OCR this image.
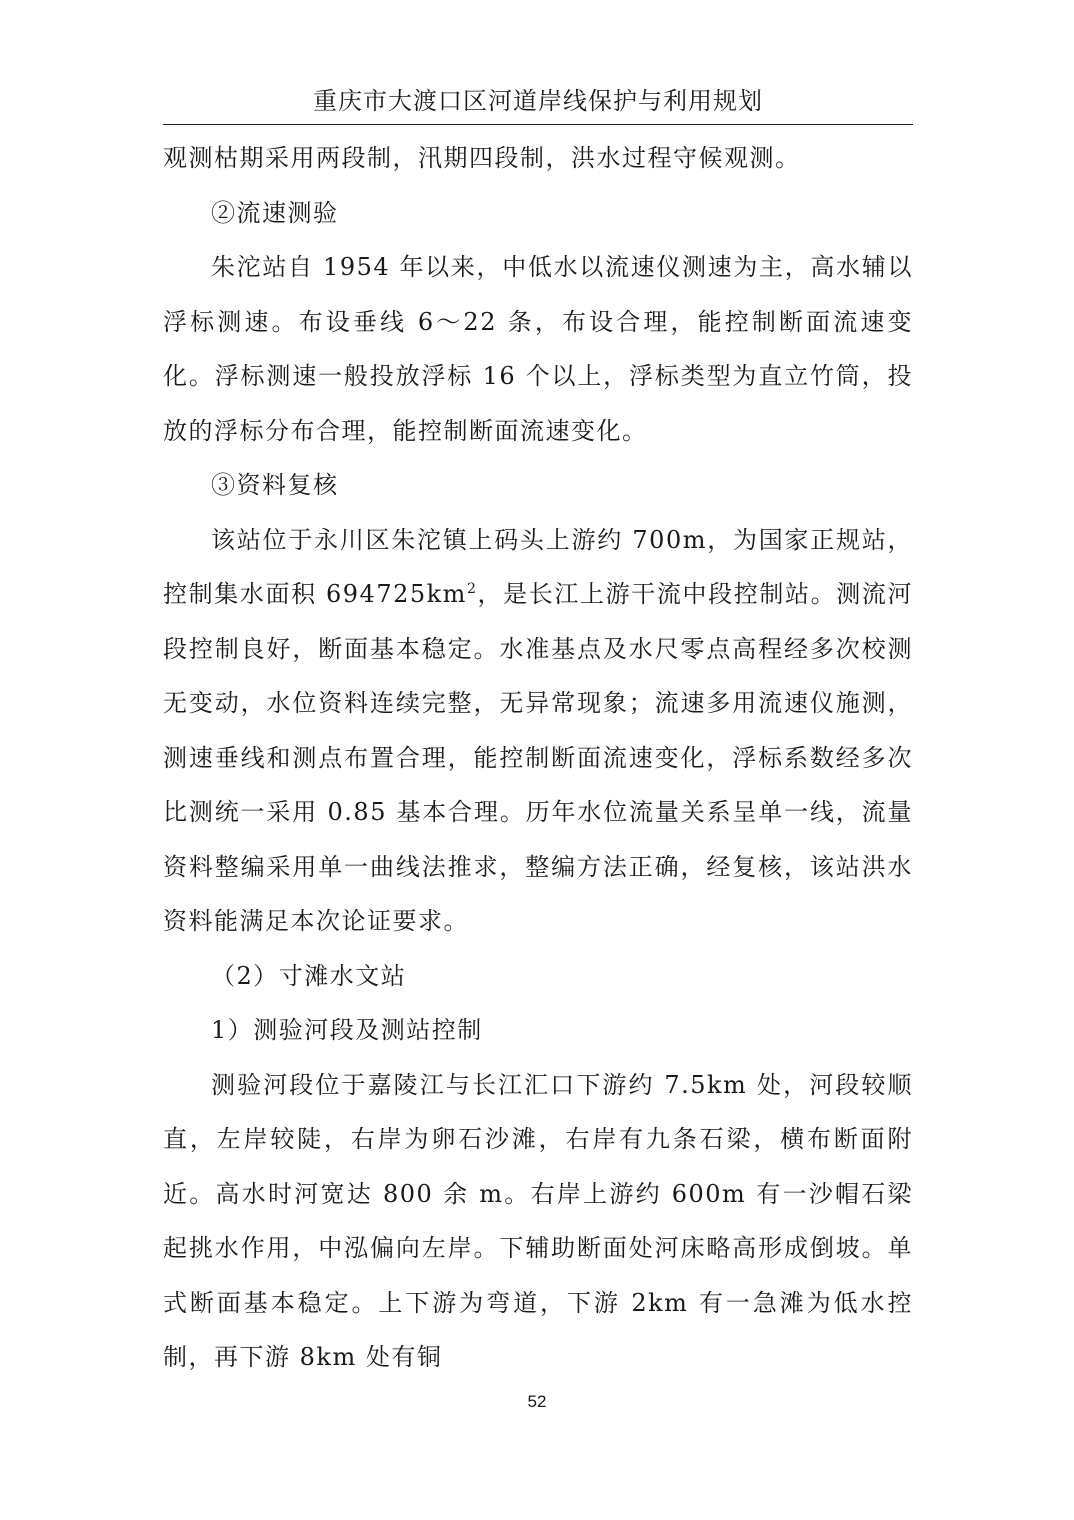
重庆市大渡口区河道岸线保护与利用规划

观测枯期采用两段制，汛期四段制，洪水过程守候观测。

②流速测验

朱沱站自 1954 年以来，中低水以流速仪测速为主，高水辅以浮标测速。布设垂线 6～22 条，布设合理，能控制断面流速变化。浮标测速一般投放浮标 16 个以上，浮标类型为直立竹筒，投放的浮标分布合理，能控制断面流速变化。

③资料复核

该站位于永川区朱沱镇上码头上游约 700m，为国家正规站，控制集水面积 $694725km^2$，是长江上游干流中段控制站。测流河段控制良好，断面基本稳定。水准基点及水尺零点高程经多次校测无变动，水位资料连续完整，无异常现象；流速多用流速仪施测，测速垂线和测点布置合理，能控制断面流速变化，浮标系数经多次比测统一采用 0.85 基本合理。历年水位流量关系呈单一线，流量资料整编采用单一曲线法推求，整编方法正确，经复核，该站洪水资料能满足本次论证要求。

（2）寸滩水文站

1）测验河段及测站控制

测验河段位于嘉陵江与长江汇口下游约 7.5km 处，河段较顺直，左岸较陡，右岸为卵石沙滩，右岸有九条石梁，横布断面附近。高水时河宽达 800 余 m。右岸上游约 600m 有一沙帽石梁起挑水作用，中泓偏向左岸。下辅助断面处河床略高形成倒坡。单式断面基本稳定。上下游为弯道，下游 2km 有一急滩为低水控制，再下游 8km 处有铜

52
